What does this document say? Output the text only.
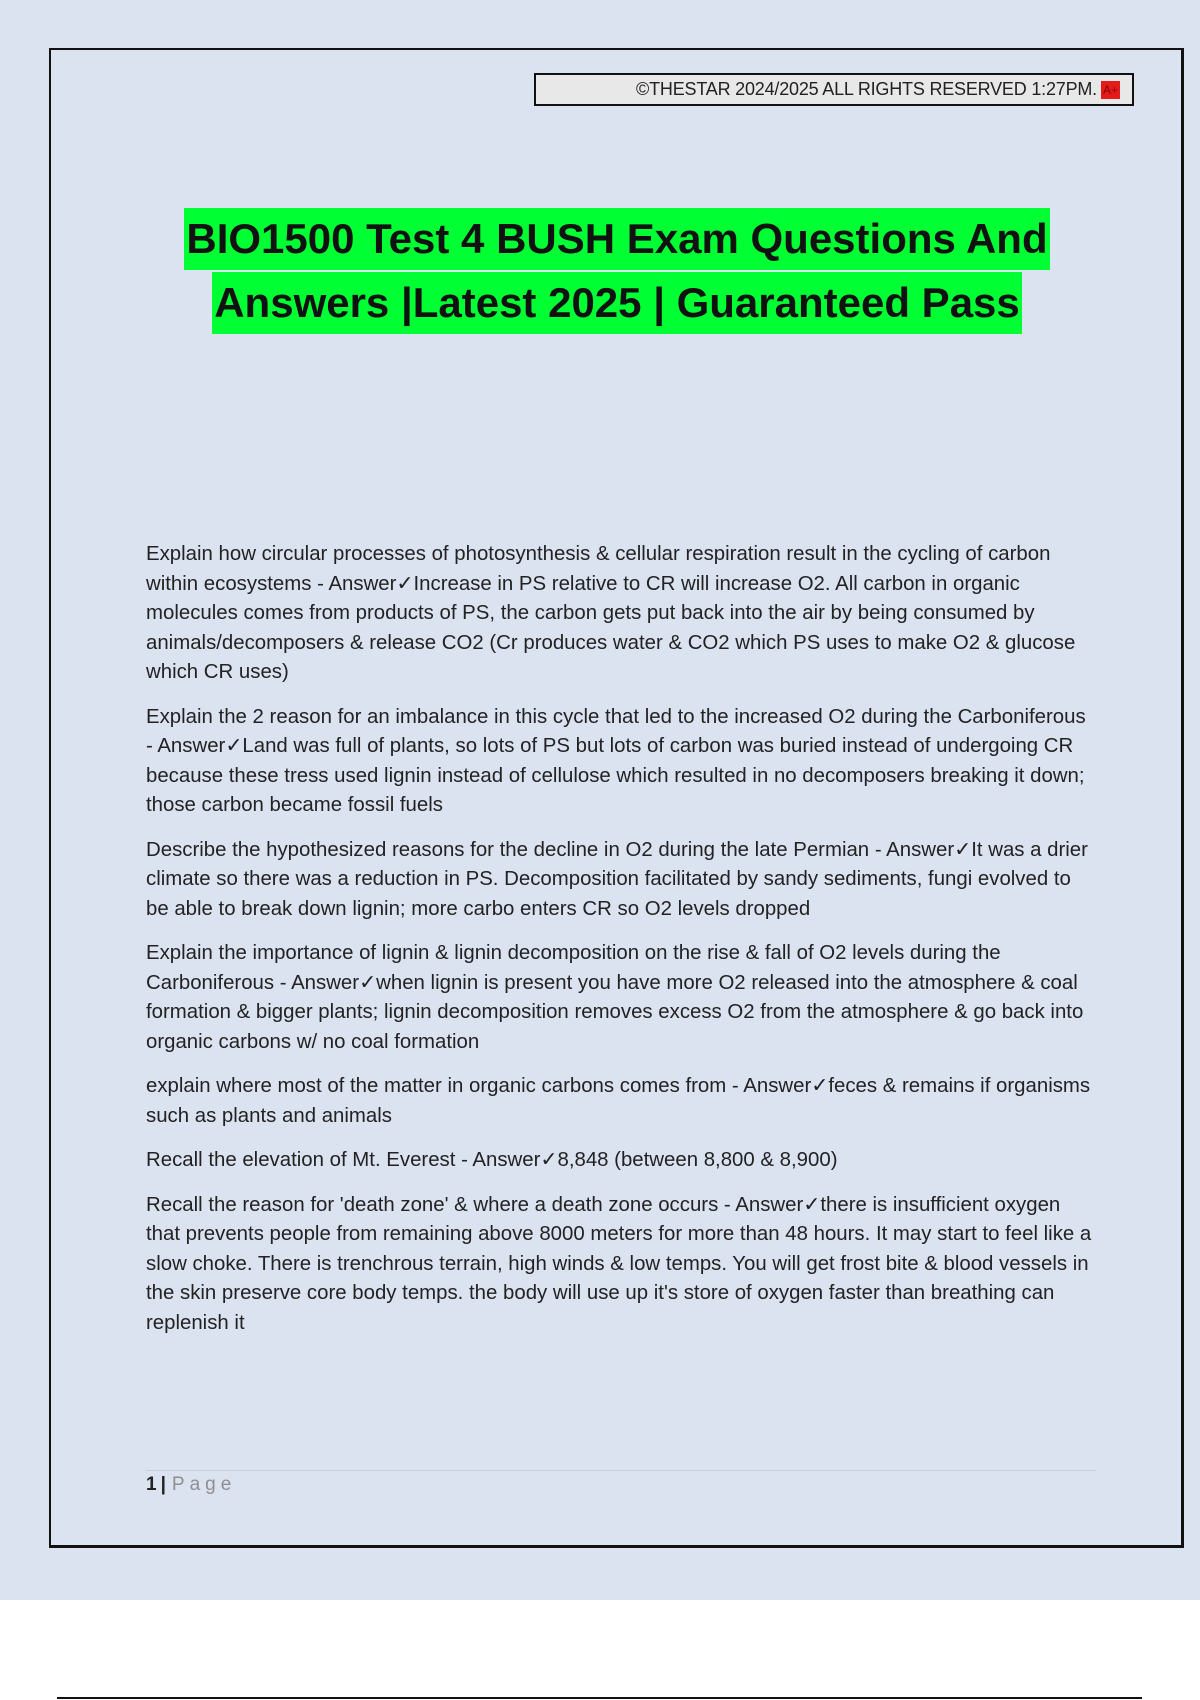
©THESTAR 2024/2025 ALL RIGHTS RESERVED 1:27PM. A+
BIO1500 Test 4 BUSH Exam Questions And
Answers |Latest 2025 | Guaranteed Pass

Explain how circular processes of photosynthesis & cellular respiration result in the cycling of carbon within ecosystems - Answer✓Increase in PS relative to CR will increase O2. All carbon in organic molecules comes from products of PS, the carbon gets put back into the air by being consumed by animals/decomposers & release CO2 (Cr produces water & CO2 which PS uses to make O2 & glucose which CR uses)

Explain the 2 reason for an imbalance in this cycle that led to the increased O2 during the Carboniferous - Answer✓Land was full of plants, so lots of PS but lots of carbon was buried instead of undergoing CR because these tress used lignin instead of cellulose which resulted in no decomposers breaking it down; those carbon became fossil fuels

Describe the hypothesized reasons for the decline in O2 during the late Permian - Answer✓It was a drier climate so there was a reduction in PS. Decomposition facilitated by sandy sediments, fungi evolved to be able to break down lignin; more carbo enters CR so O2 levels dropped

Explain the importance of lignin & lignin decomposition on the rise & fall of O2 levels during the Carboniferous - Answer✓when lignin is present you have more O2 released into the atmosphere & coal formation & bigger plants; lignin decomposition removes excess O2 from the atmosphere & go back into organic carbons w/ no coal formation

explain where most of the matter in organic carbons comes from - Answer✓feces & remains if organisms such as plants and animals

Recall the elevation of Mt. Everest - Answer✓8,848 (between 8,800 & 8,900)

Recall the reason for 'death zone' & where a death zone occurs - Answer✓there is insufficient oxygen that prevents people from remaining above 8000 meters for more than 48 hours. It may start to feel like a slow choke. There is trenchrous terrain, high winds & low temps. You will get frost bite & blood vessels in the skin preserve core body temps. the body will use up it's store of oxygen faster than breathing can replenish it

1 | Page
